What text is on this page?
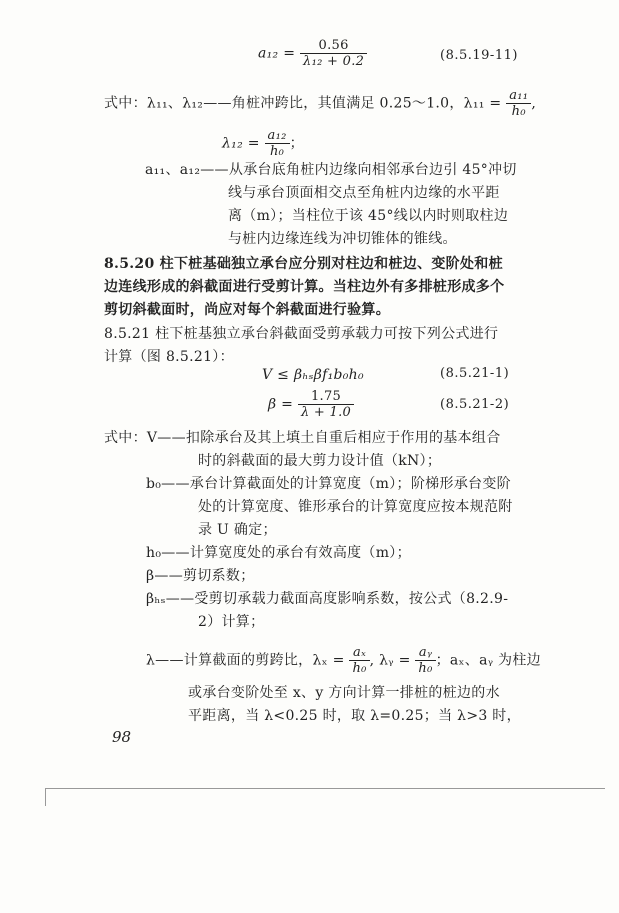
$a_{12} = \frac{0.56}{\text{λ₁₂ + 0.2}}$	(8.5.19-11)
式中：λ₁₁、λ₁₂——角桩冲跨比，其值满足 0.25～1.0，$\lambda_{11} = \frac{\text{a₁₁}}{\text{h₀}}$ ,
$\lambda_{12} = \frac{\text{a₁₂}}{\text{h₀}}$ ；
a₁₁、a₁₂——从承台底角桩内边缘向相邻承台边引 45°冲切
线与承台顶面相交点至角桩内边缘的水平距
离（m）；当柱位于该 45°线以内时则取柱边
与桩内边缘连线为冲切锥体的锥线。
8.5.20 柱下桩基础独立承台应分别对柱边和桩边、变阶处和桩
边连线形成的斜截面进行受剪计算。当柱边外有多排桩形成多个
剪切斜截面时，尚应对每个斜截面进行验算。
8.5.21 柱下桩基独立承台斜截面受剪承载力可按下列公式进行
计算（图 8.5.21）：
V ≤ βₕₛβf₁b₀h₀	(8.5.21-1)
$\beta = \frac{1.75}{\lambda + 1.0}$	(8.5.21-2)
式中：V——扣除承台及其上填土自重后相应于作用的基本组合
时的斜截面的最大剪力设计值（kN）；
b₀——承台计算截面处的计算宽度（m）；阶梯形承台变阶
处的计算宽度、锥形承台的计算宽度应按本规范附
录 U 确定；
h₀——计算宽度处的承台有效高度（m）；
β——剪切系数；
βₕₛ——受剪切承载力截面高度影响系数，按公式（8.2.9-
2）计算；
λ——计算截面的剪跨比，$\lambda_x = \frac{\text{aₓ}}{\text{h₀}}$ , λᵧ = $\frac{\text{aᵧ}}{\text{h₀}}$ ；aₓ、aᵧ 为柱边
或承台变阶处至 x、y 方向计算一排桩的桩边的水
平距离，当 λ<0.25 时，取 λ=0.25；当 λ>3 时，
98
